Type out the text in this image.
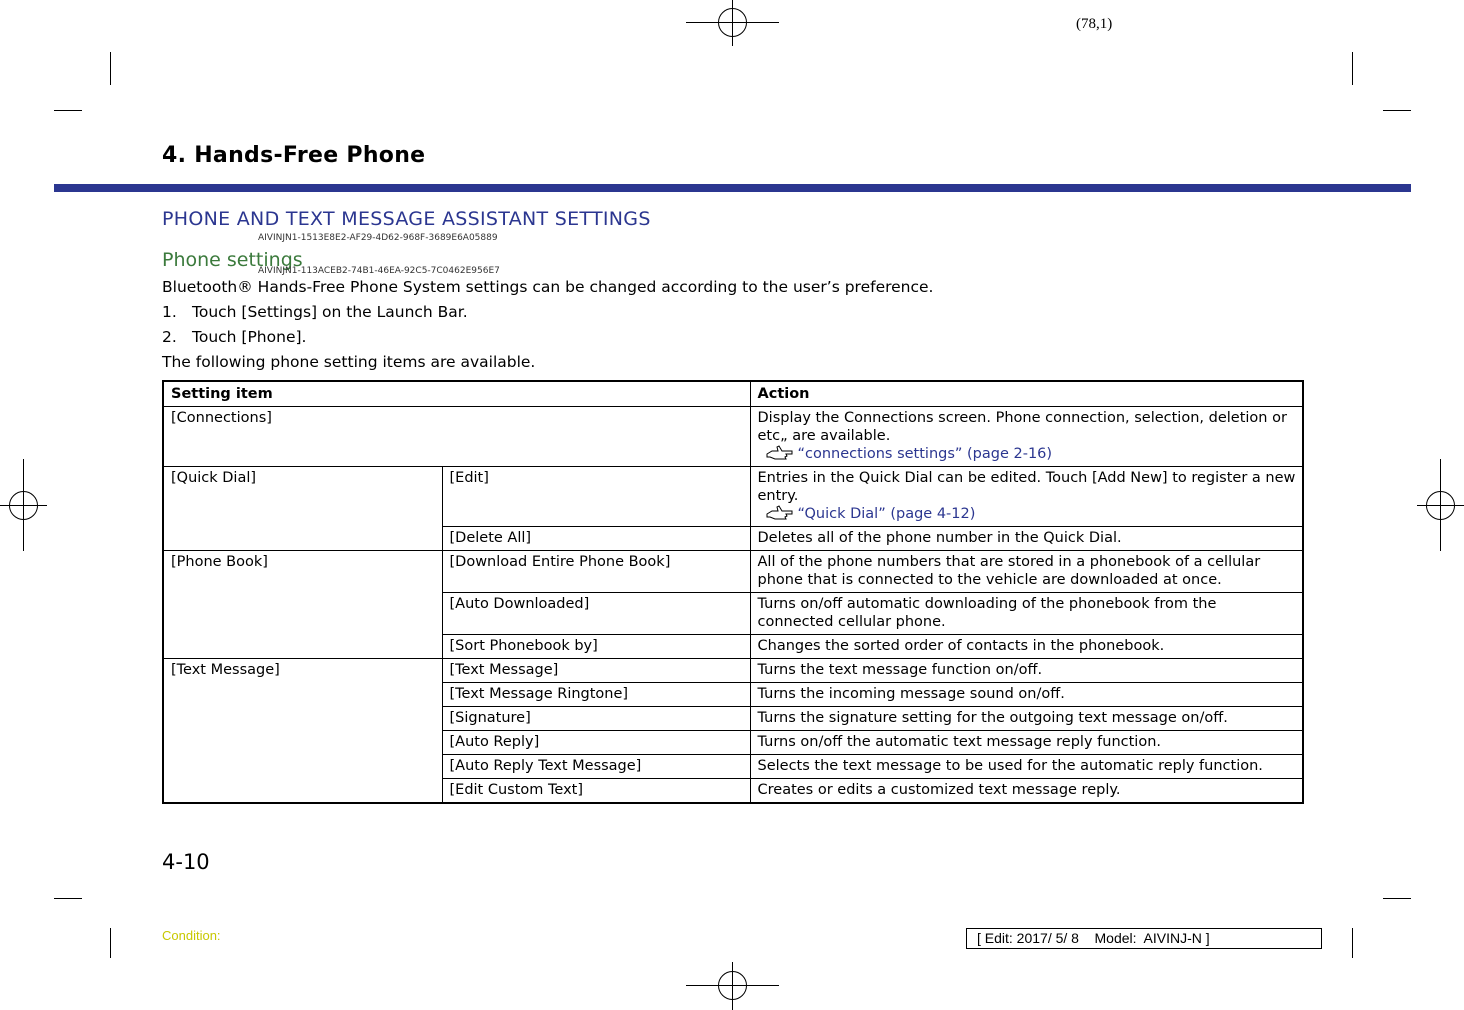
(78,1)
4. Hands-Free Phone
PHONE AND TEXT MESSAGE ASSISTANT SETTINGS
AIVINJN1-1513E8E2-AF29-4D62-968F-3689E6A05889
Phone settings
AIVINJN1-113ACEB2-74B1-46EA-92C5-7C0462E956E7
Bluetooth® Hands-Free Phone System settings can be changed according to the user’s preference.
1. Touch [Settings] on the Launch Bar.
2. Touch [Phone].
The following phone setting items are available.
Setting item		Action
[Connections]		Display the Connections screen. Phone connection, selection, deletion or etc„ are available.
“connections settings” (page 2-16)

[Quick Dial]	[Edit]	Entries in the Quick Dial can be edited. Touch [Add New] to register a new entry.
“Quick Dial” (page 4-12)

	[Delete All]	Deletes all of the phone number in the Quick Dial.
[Phone Book]	[Download Entire Phone Book]	All of the phone numbers that are stored in a phonebook of a cellular phone that is connected to the vehicle are downloaded at once.
	[Auto Downloaded]	Turns on/off automatic downloading of the phonebook from the connected cellular phone.
	[Sort Phonebook by]	Changes the sorted order of contacts in the phonebook.
[Text Message]	[Text Message]	Turns the text message function on/off.
	[Text Message Ringtone]	Turns the incoming message sound on/off.
	[Signature]	Turns the signature setting for the outgoing text message on/off.
	[Auto Reply]	Turns on/off the automatic text message reply function.
	[Auto Reply Text Message]	Selects the text message to be used for the automatic reply function.
	[Edit Custom Text]	Creates or edits a customized text message reply.
4-10
Condition:	[ Edit: 2017/ 5/ 8    Model:  AIVINJ-N ]
